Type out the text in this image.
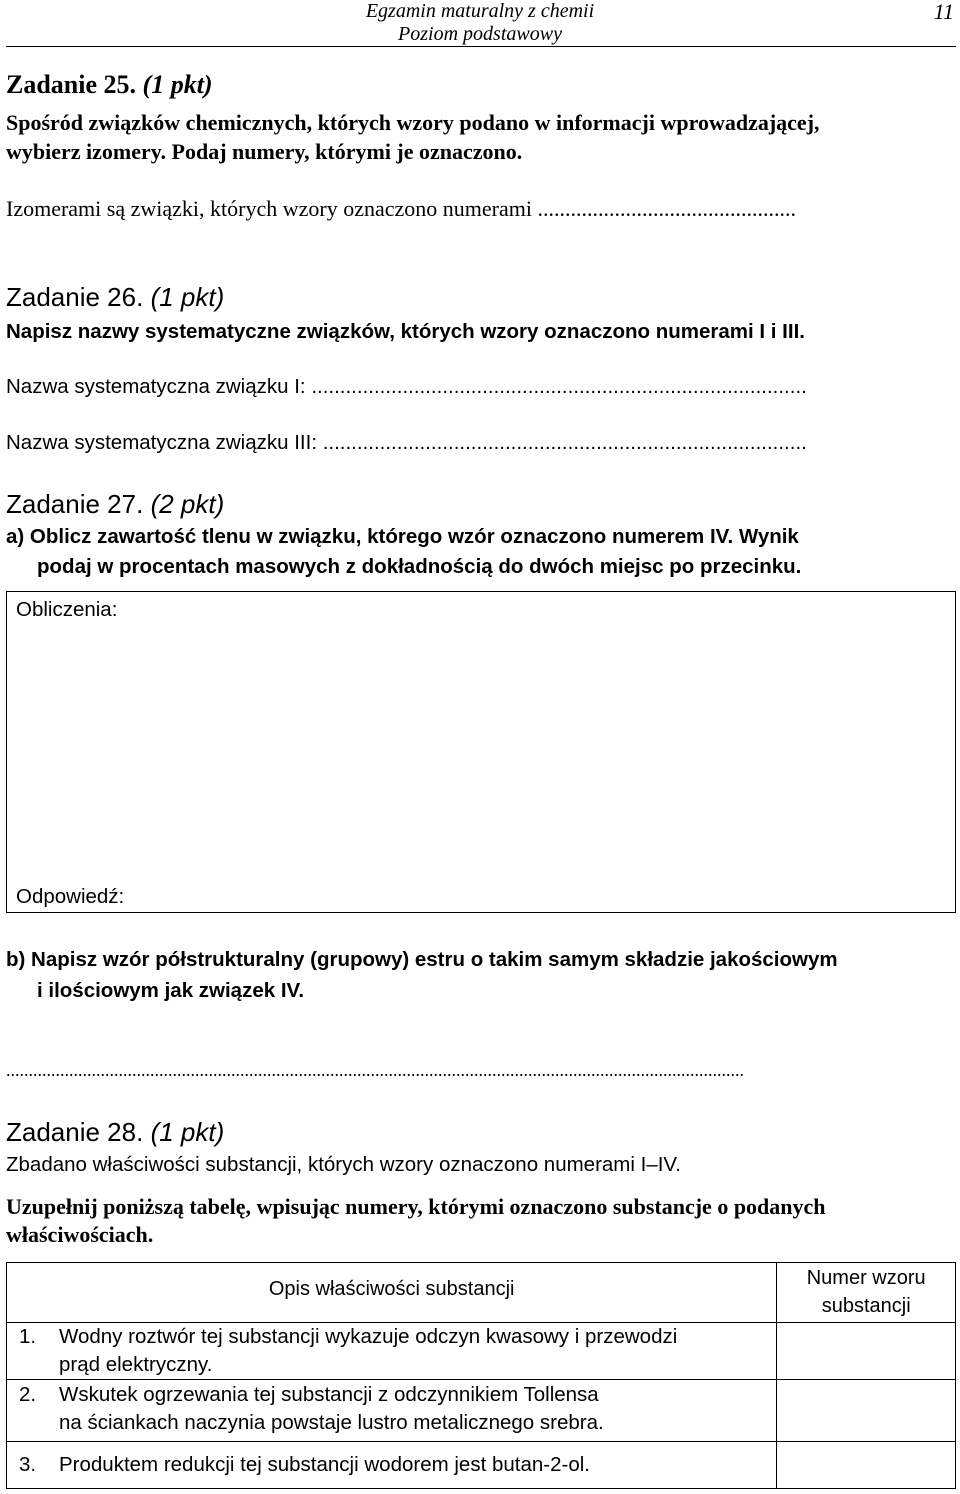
Egzamin maturalny z chemii
Poziom podstawowy
11
Zadanie 25. (1 pkt)
Spośród związków chemicznych, których wzory podano w informacji wprowadzającej,
wybierz izomery. Podaj numery, którymi je oznaczono.
Izomerami są związki, których wzory oznaczono numerami ...............................................
Zadanie 26. (1 pkt)
Napisz nazwy systematyczne związków, których wzory oznaczono numerami I i III.
Nazwa systematyczna związku I: .......................................................................................
Nazwa systematyczna związku III: .....................................................................................
Zadanie 27. (2 pkt)
a) Oblicz zawartość tlenu w związku, którego wzór oznaczono numerem IV. Wynik
podaj w procentach masowych z dokładnością do dwóch miejsc po przecinku.
Obliczenia:
Odpowiedź:
b) Napisz wzór półstrukturalny (grupowy) estru o takim samym składzie jakościowym
i ilościowym jak związek IV.
....................................................................................................................................................................
Zadanie 28. (1 pkt)
Zbadano właściwości substancji, których wzory oznaczono numerami I–IV.
Uzupełnij poniższą tabelę, wpisując numery, którymi oznaczono substancje o podanych
właściwościach.
Opis właściwości substancji	Numer wzoru
substancji

1. Wodny roztwór tej substancji wykazuje odczyn kwasowy i przewodzi
prąd elektryczny.	

2. Wskutek ogrzewania tej substancji z odczynnikiem Tollensa
na ściankach naczynia powstaje lustro metalicznego srebra.	

3. Produktem redukcji tej substancji wodorem jest butan-2-ol.	
